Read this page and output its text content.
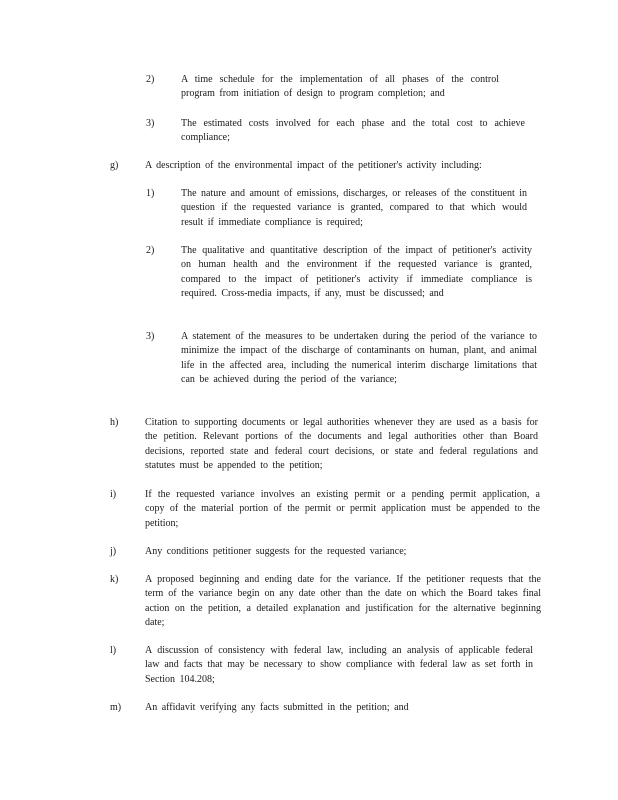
2)	A time schedule for the implementation of all phases of the control program from initiation of design to program completion; and
3)	The estimated costs involved for each phase and the total cost to achieve compliance;
g)	A description of the environmental impact of the petitioner's activity including:
1)	The nature and amount of emissions, discharges, or releases of the constituent in question if the requested variance is granted, compared to that which would result if immediate compliance is required;
2)	The qualitative and quantitative description of the impact of petitioner's activity on human health and the environment if the requested variance is granted, compared to the impact of petitioner's activity if immediate compliance is required. Cross-media impacts, if any, must be discussed; and
3)	A statement of the measures to be undertaken during the period of the variance to minimize the impact of the discharge of contaminants on human, plant, and animal life in the affected area, including the numerical interim discharge limitations that can be achieved during the period of the variance;
h)	Citation to supporting documents or legal authorities whenever they are used as a basis for the petition. Relevant portions of the documents and legal authorities other than Board decisions, reported state and federal court decisions, or state and federal regulations and statutes must be appended to the petition;
i)	If the requested variance involves an existing permit or a pending permit application, a copy of the material portion of the permit or permit application must be appended to the petition;
j)	Any conditions petitioner suggests for the requested variance;
k)	A proposed beginning and ending date for the variance. If the petitioner requests that the term of the variance begin on any date other than the date on which the Board takes final action on the petition, a detailed explanation and justification for the alternative beginning date;
l)	A discussion of consistency with federal law, including an analysis of applicable federal law and facts that may be necessary to show compliance with federal law as set forth in Section 104.208;
m) An affidavit verifying any facts submitted in the petition; and
